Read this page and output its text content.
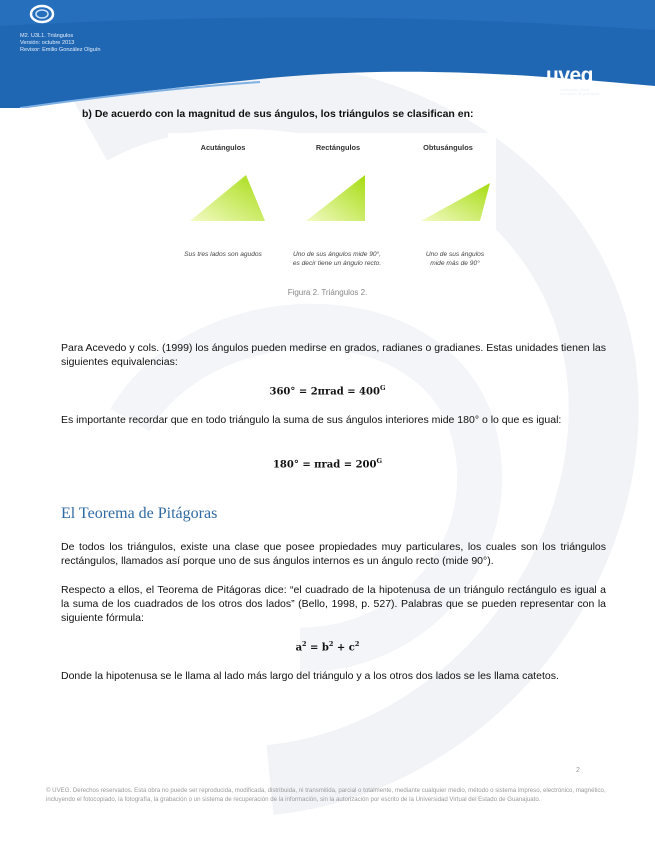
M2. U3L1. Triángulos
Versión: octubre 2013
Revisor: Emilio González Olguín
uveg
universidad virtual
del estado de guanajuato
b) De acuerdo con la magnitud de sus ángulos, los triángulos se clasifican en:
Acutángulos	Rectángulos	Obtusángulos
Sus tres lados son agudos	Uno de sus ángulos mide 90°,
es decir tiene un ángulo recto.
Uno de sus ángulos
mide más de 90°
Figura 2. Triángulos 2.
Para Acevedo y cols. (1999) los ángulos pueden medirse en grados, radianes o gradianes. Estas unidades tienen las siguientes equivalencias:
$360^\circ = 2\pi rad = 400^G$
Es importante recordar que en todo triángulo la suma de sus ángulos interiores mide 180° o lo que es igual:
$180^\circ = \pi rad = 200^G$
El Teorema de Pitágoras
De todos los triángulos, existe una clase que posee propiedades muy particulares, los cuales son los triángulos rectángulos, llamados así porque uno de sus ángulos internos es un ángulo recto (mide 90°).
Respecto a ellos, el Teorema de Pitágoras dice: “el cuadrado de la hipotenusa de un triángulo rectángulo es igual a la suma de los cuadrados de los otros dos lados” (Bello, 1998, p. 527). Palabras que se pueden representar con la siguiente fórmula:
$a^2 = b^2 + c^2$
Donde la hipotenusa se le llama al lado más largo del triángulo y a los otros dos lados se les llama catetos.
2
© UVEG. Derechos reservados. Esta obra no puede ser reproducida, modificada, distribuida, ni transmitida, parcial o totalmente, mediante cualquier medio, método o sistema impreso, electrónico, magnético, incluyendo el fotocopiado, la fotografía, la grabación o un sistema de recuperación de la información, sin la autorización por escrito de la Universidad Virtual del Estado de Guanajuato.
